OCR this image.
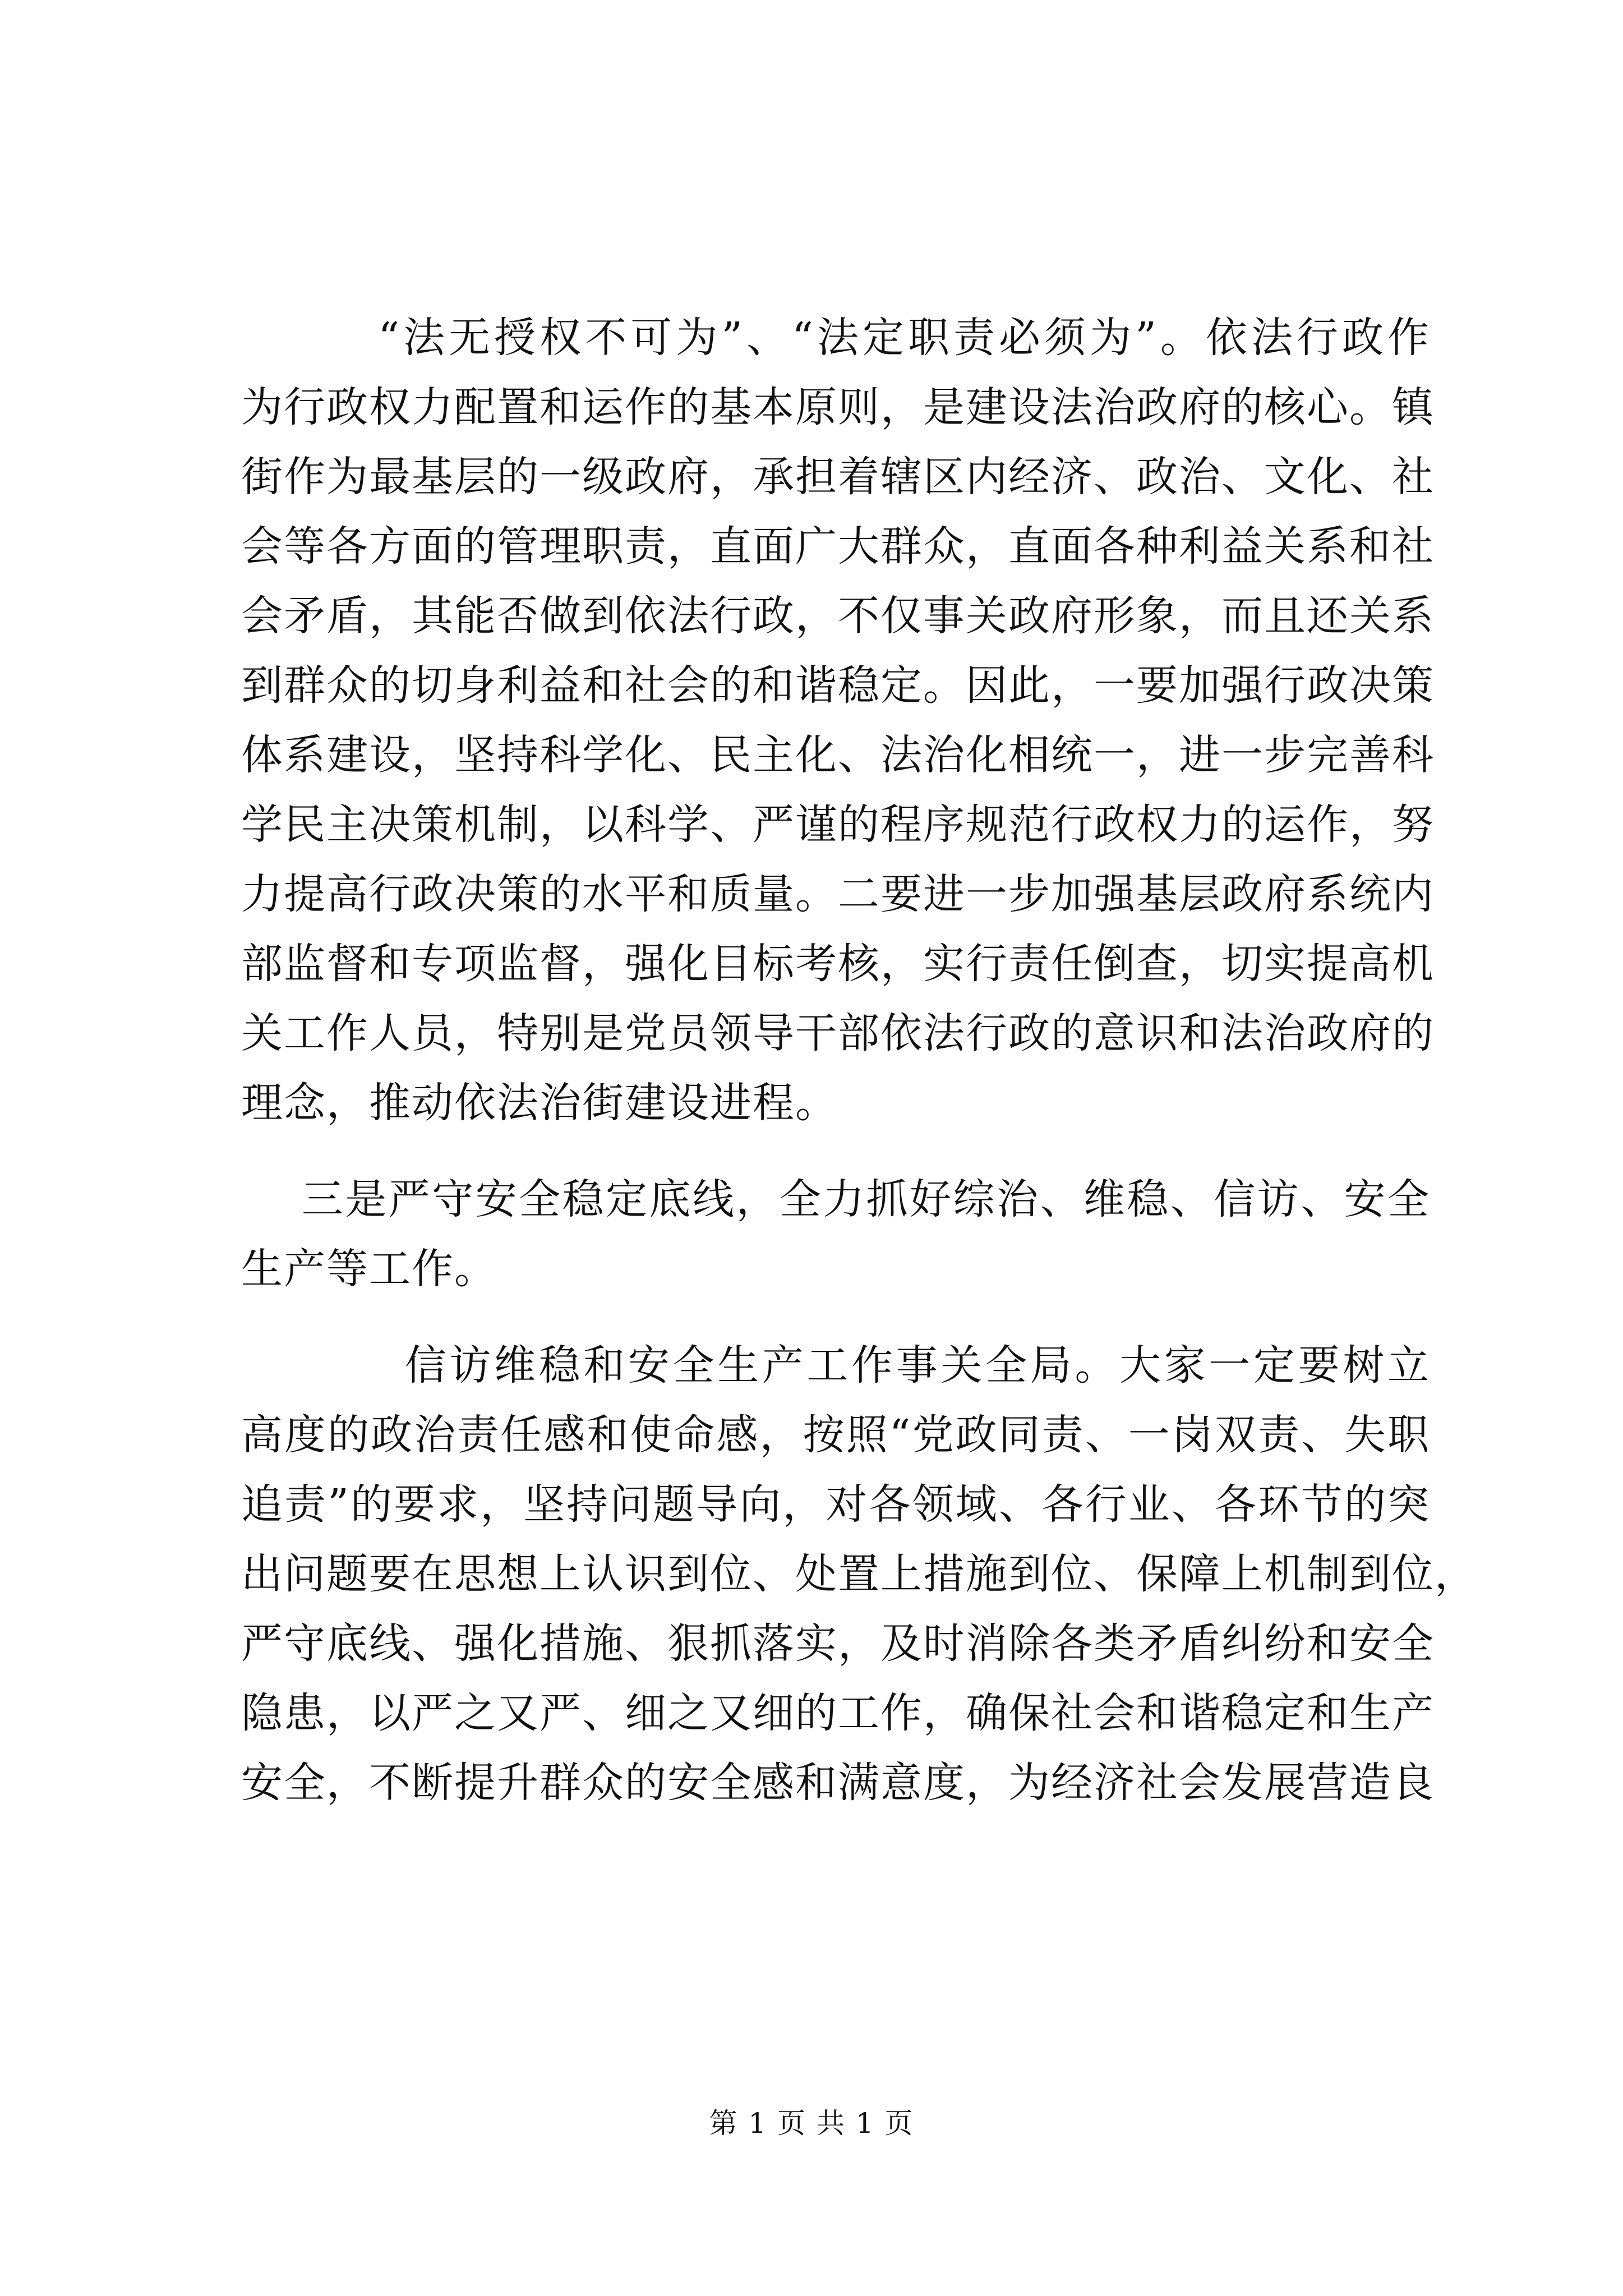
“法无授权不可为”、“法定职责必须为”。依法行政作
为行政权力配置和运作的基本原则，是建设法治政府的核心。镇
街作为最基层的一级政府，承担着辖区内经济、政治、文化、社
会等各方面的管理职责，直面广大群众，直面各种利益关系和社
会矛盾，其能否做到依法行政，不仅事关政府形象，而且还关系
到群众的切身利益和社会的和谐稳定。因此，一要加强行政决策
体系建设，坚持科学化、民主化、法治化相统一，进一步完善科
学民主决策机制，以科学、严谨的程序规范行政权力的运作，努
力提高行政决策的水平和质量。二要进一步加强基层政府系统内
部监督和专项监督，强化目标考核，实行责任倒查，切实提高机
关工作人员，特别是党员领导干部依法行政的意识和法治政府的
理念，推动依法治街建设进程。
三是严守安全稳定底线，全力抓好综治、维稳、信访、安全
生产等工作。
信访维稳和安全生产工作事关全局。大家一定要树立
高度的政治责任感和使命感，按照“党政同责、一岗双责、失职
追责”的要求，坚持问题导向，对各领域、各行业、各环节的突
出问题要在思想上认识到位、处置上措施到位、保障上机制到位，
严守底线、强化措施、狠抓落实，及时消除各类矛盾纠纷和安全
隐患，以严之又严、细之又细的工作，确保社会和谐稳定和生产
安全，不断提升群众的安全感和满意度，为经济社会发展营造良
第 1 页 共 1 页
